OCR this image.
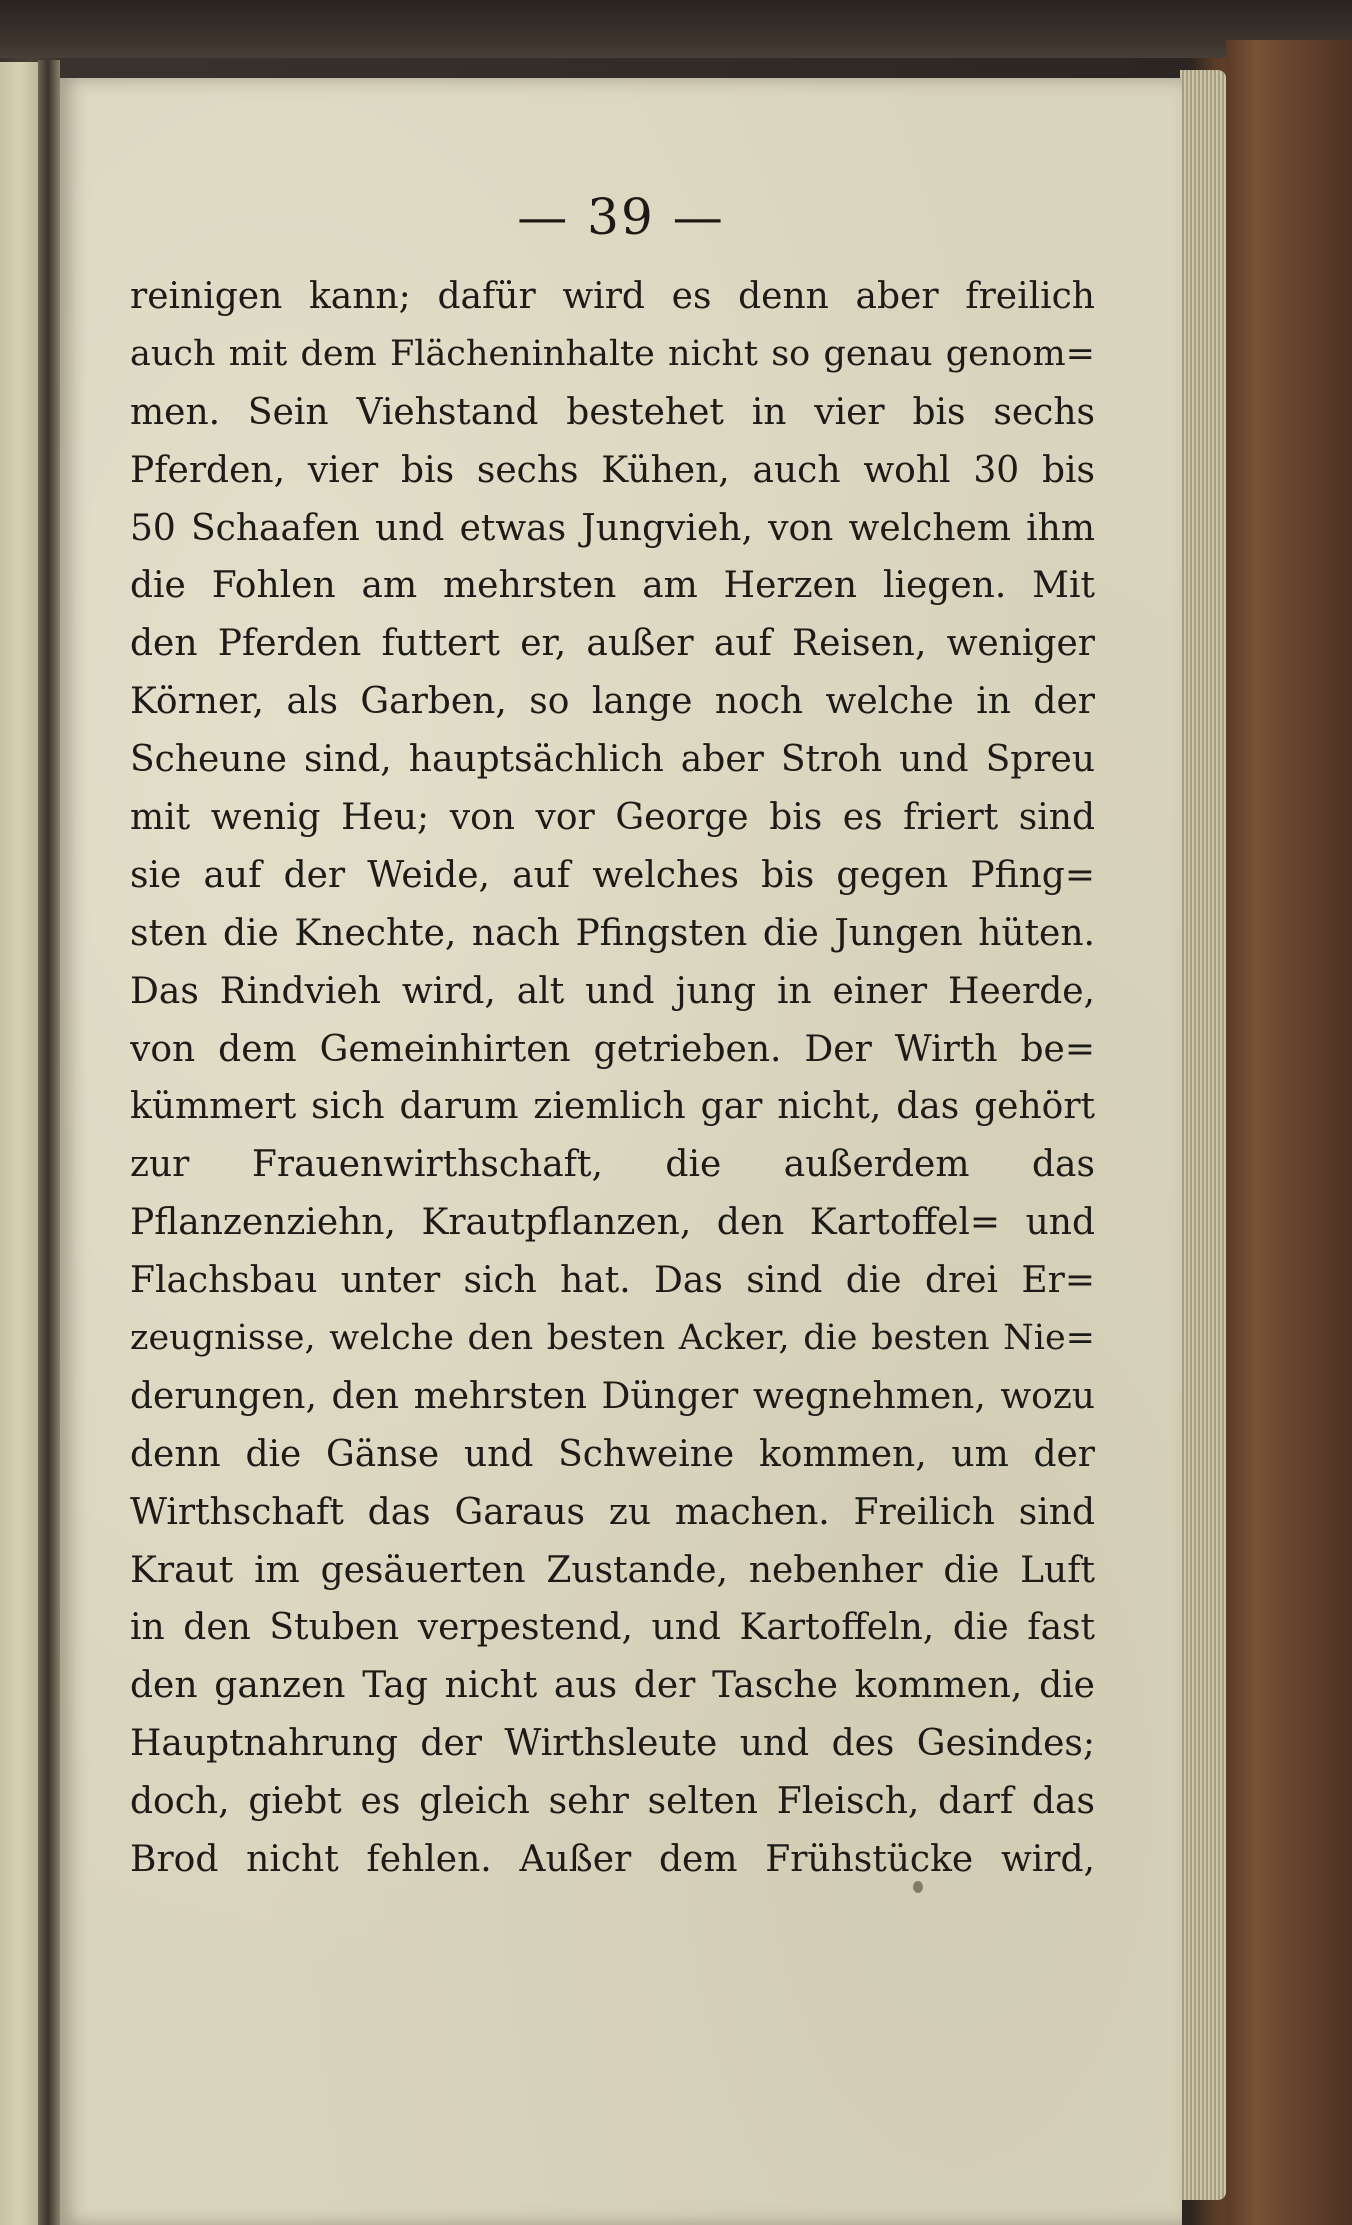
— 39 —
reinigen kann; dafür wird es denn aber freilich
auch mit dem Flächeninhalte nicht so genau genom=
men. Sein Viehstand bestehet in vier bis sechs
Pferden, vier bis sechs Kühen, auch wohl 30 bis
50 Schaafen und etwas Jungvieh, von welchem ihm
die Fohlen am mehrsten am Herzen liegen. Mit
den Pferden futtert er, außer auf Reisen, weniger
Körner, als Garben, so lange noch welche in der
Scheune sind, hauptsächlich aber Stroh und Spreu
mit wenig Heu; von vor George bis es friert sind
sie auf der Weide, auf welches bis gegen Pfing=
sten die Knechte, nach Pfingsten die Jungen hüten.
Das Rindvieh wird, alt und jung in einer Heerde,
von dem Gemeinhirten getrieben. Der Wirth be=
kümmert sich darum ziemlich gar nicht, das gehört
zur Frauenwirthschaft, die außerdem das
Pflanzenziehn, Krautpflanzen, den Kartoffel= und
Flachsbau unter sich hat. Das sind die drei Er=
zeugnisse, welche den besten Acker, die besten Nie=
derungen, den mehrsten Dünger wegnehmen, wozu
denn die Gänse und Schweine kommen, um der
Wirthschaft das Garaus zu machen. Freilich sind
Kraut im gesäuerten Zustande, nebenher die Luft
in den Stuben verpestend, und Kartoffeln, die fast
den ganzen Tag nicht aus der Tasche kommen, die
Hauptnahrung der Wirthsleute und des Gesindes;
doch, giebt es gleich sehr selten Fleisch, darf das
Brod nicht fehlen. Außer dem Frühstücke wird,
